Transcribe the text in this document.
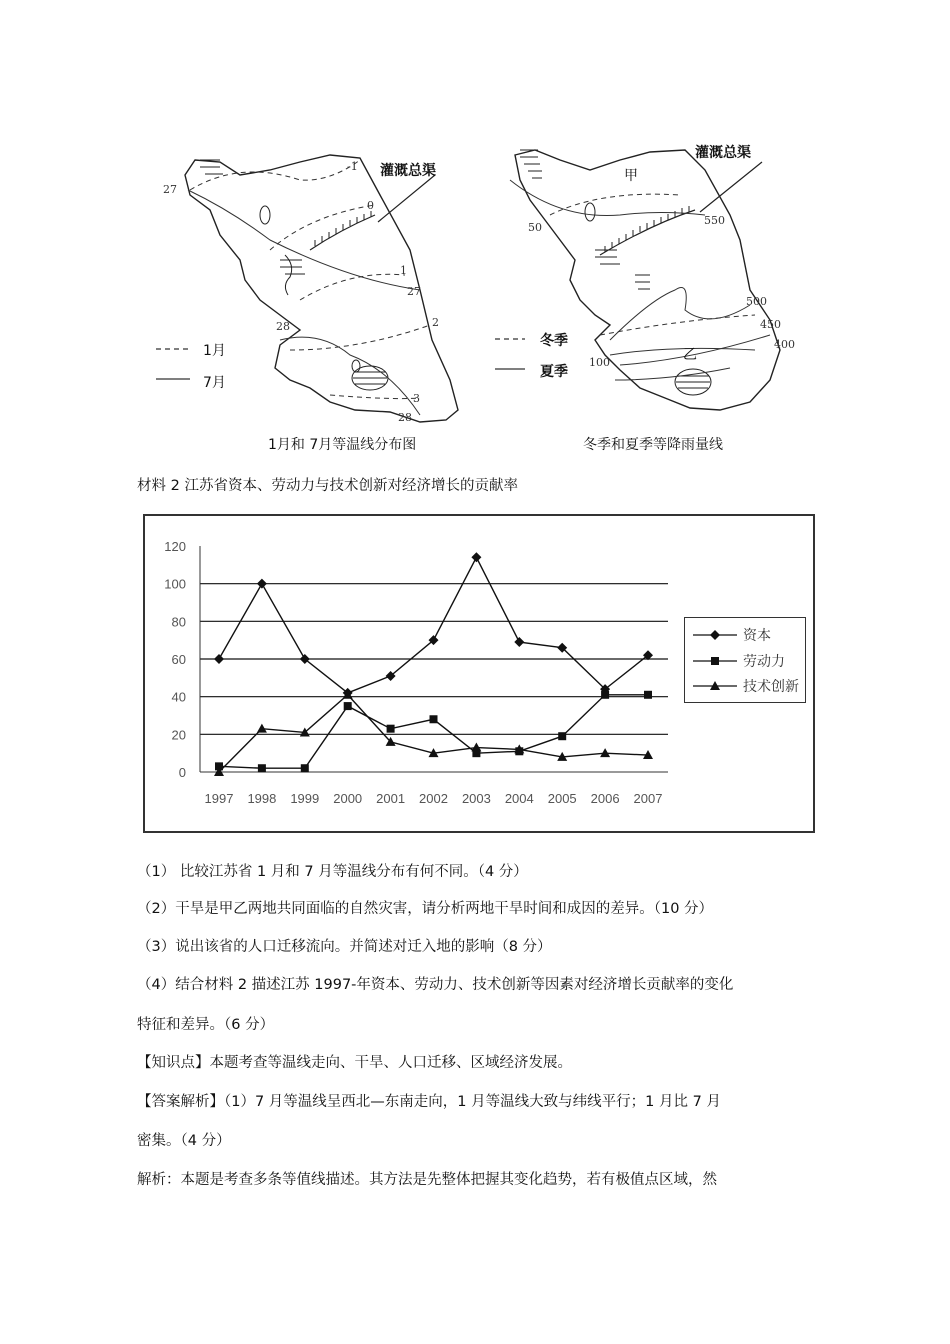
灌溉总渠
-1
27
0
1
27
2
28
3
28
1月
7月
1月和 7月等温线分布图
灌溉总渠
甲
乙
50
550
500
450
400
100
冬季
夏季
冬季和夏季等降雨量线
材料 2 江苏省资本、劳动力与技术创新对经济增长的贡献率
0
20
40
60
80
100
120
1997 1998 1999 2000 2001 2002 2003 2004 2005 2006 2007
资本
劳动力
技术创新
（1） 比较江苏省 1 月和 7 月等温线分布有何不同。（4 分）
（2）干旱是甲乙两地共同面临的自然灾害，请分析两地干旱时间和成因的差异。（10 分）
（3）说出该省的人口迁移流向。并简述对迁入地的影响（8 分）
（4）结合材料 2 描述江苏 1997-年资本、劳动力、技术创新等因素对经济增长贡献率的变化
特征和差异。（6 分）
【知识点】本题考查等温线走向、干旱、人口迁移、区域经济发展。
【答案解析】（1）7 月等温线呈西北—东南走向，1 月等温线大致与纬线平行；1 月比 7 月
密集。（4 分）
解析：本题是考查多条等值线描述。其方法是先整体把握其变化趋势，若有极值点区域，然
